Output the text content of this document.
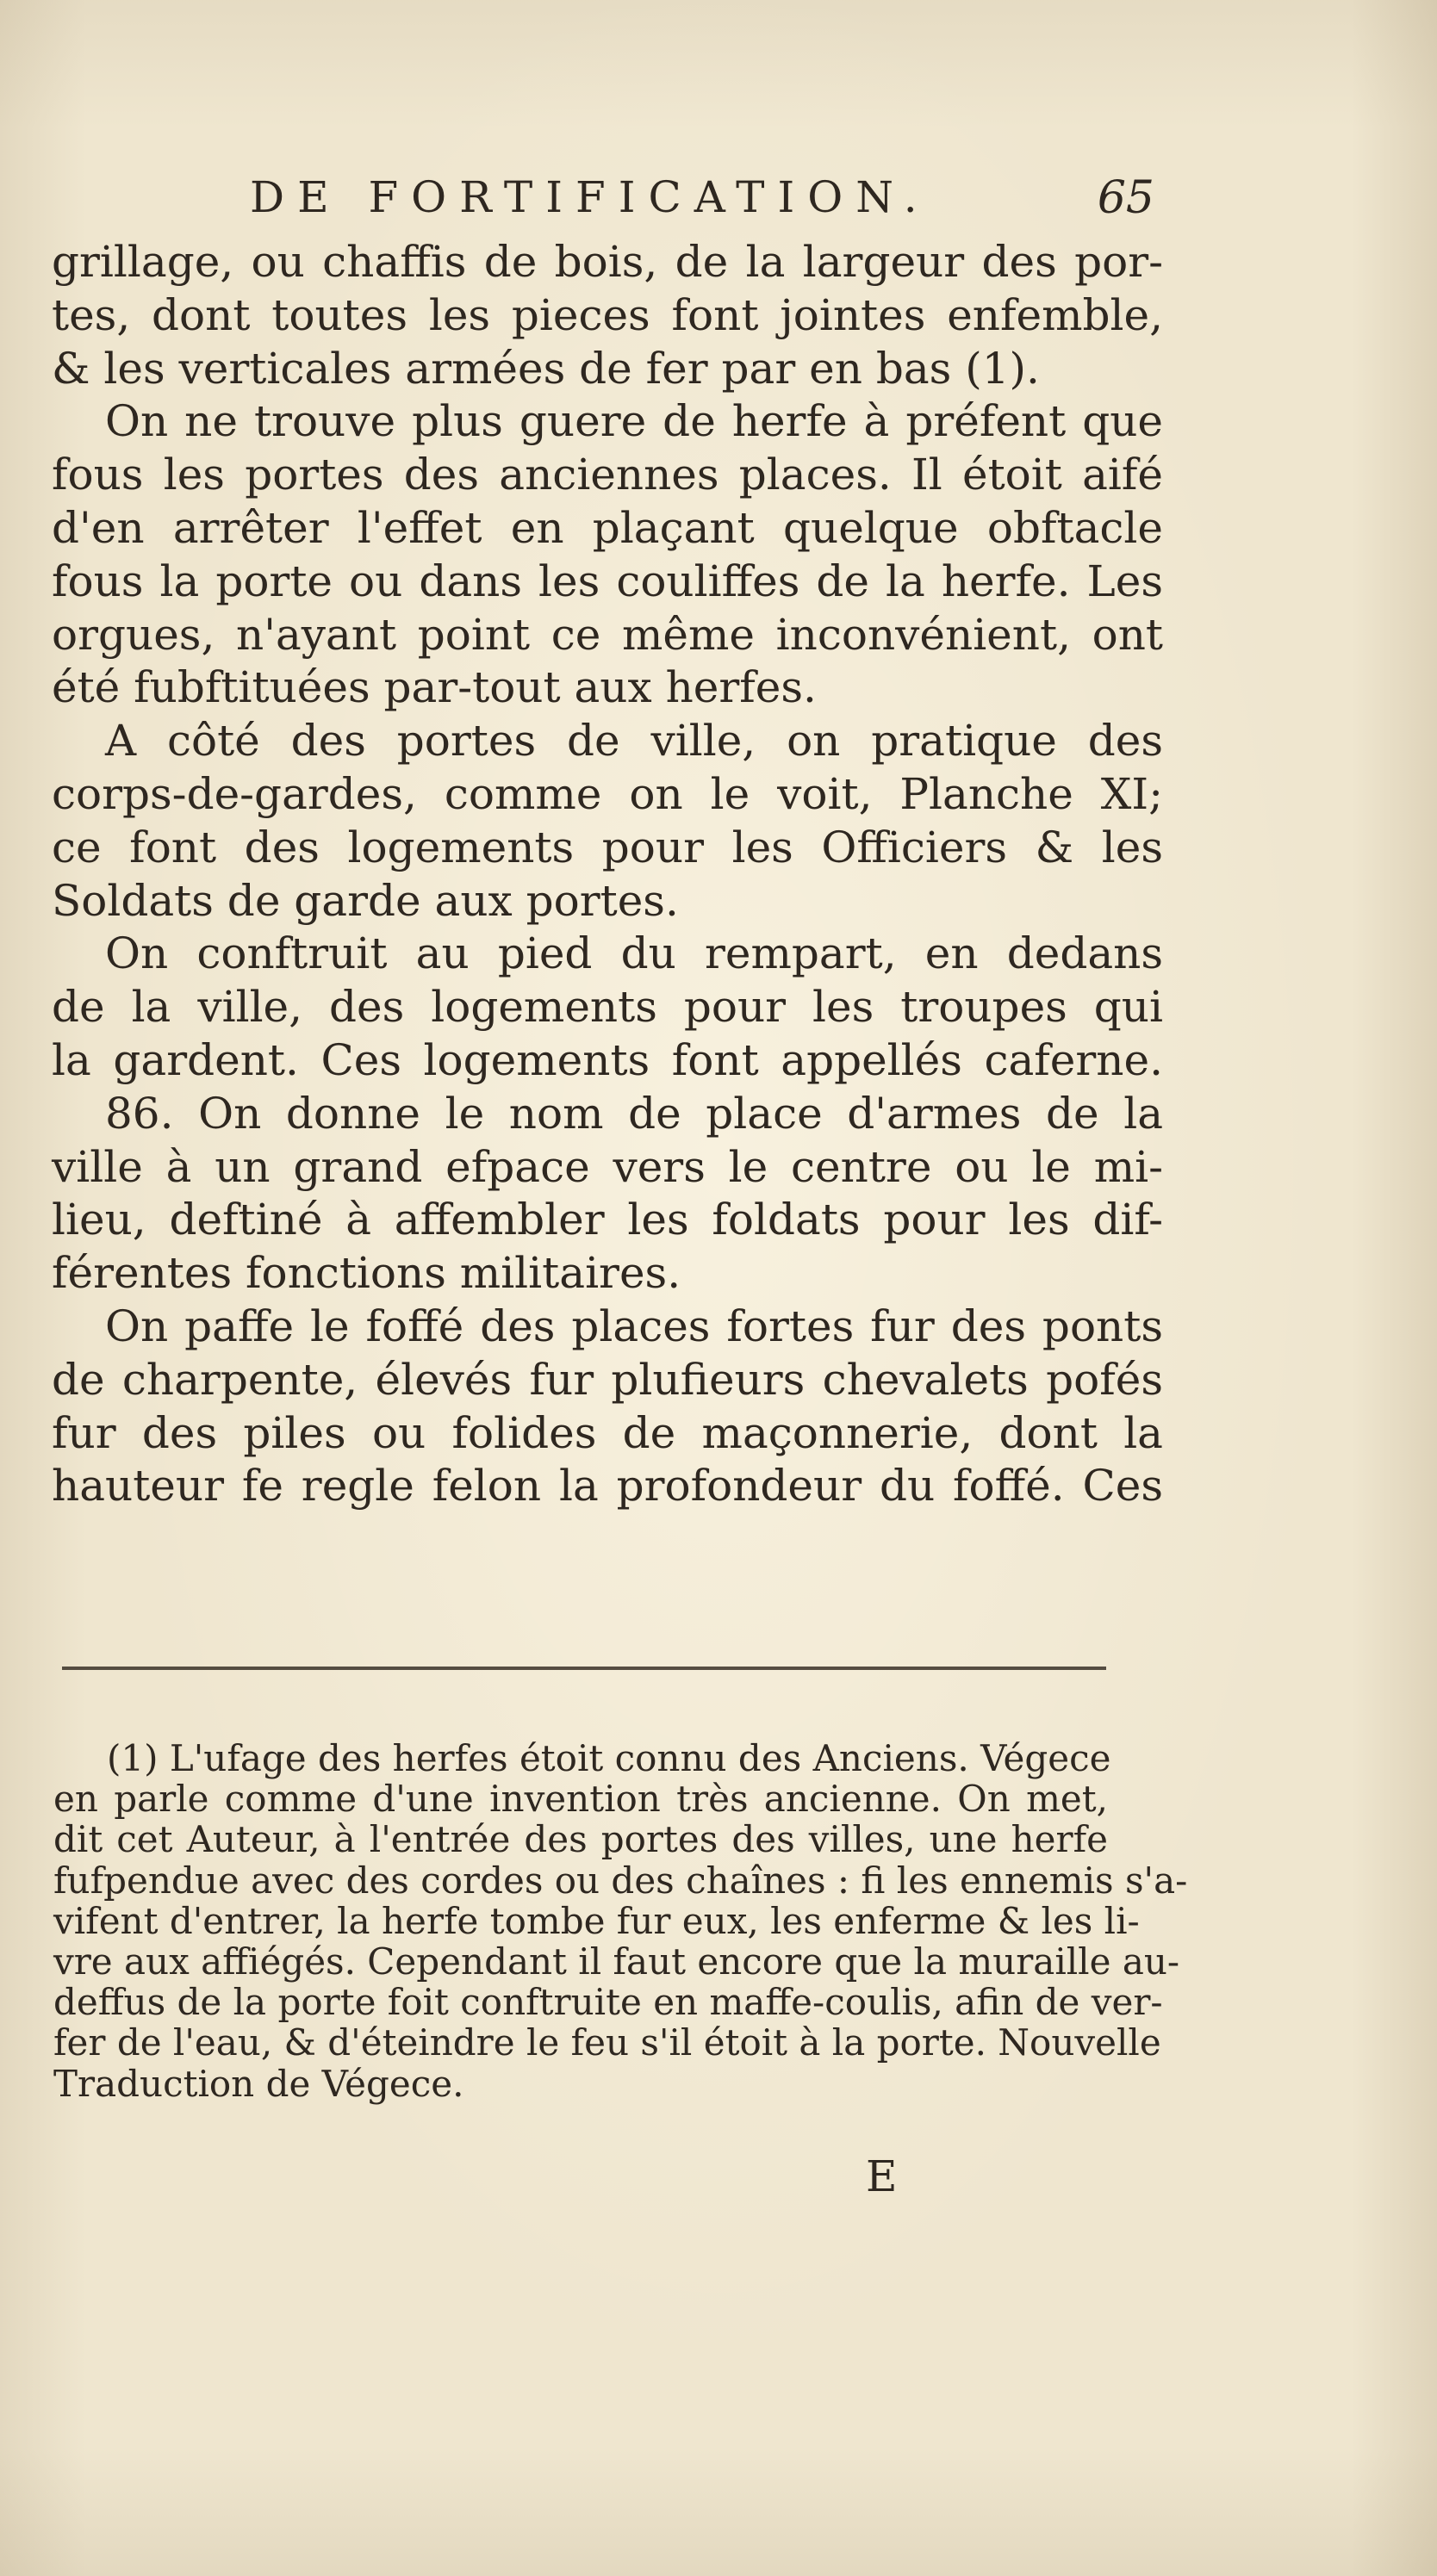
DE FORTIFICATION.	65
grillage, ou chaffis de bois, de la largeur des por-
tes, dont toutes les pieces font jointes enfemble,
& les verticales armées de fer par en bas (1).
On ne trouve plus guere de herfe à préfent que
fous les portes des anciennes places. Il étoit aifé
d'en arrêter l'effet en plaçant quelque obftacle
fous la porte ou dans les couliffes de la herfe. Les
orgues, n'ayant point ce même inconvénient, ont
été fubftituées par-tout aux herfes.
A côté des portes de ville, on pratique des
corps-de-gardes, comme on le voit, Planche XI;
ce font des logements pour les Officiers & les
Soldats de garde aux portes.
On conftruit au pied du rempart, en dedans
de la ville, des logements pour les troupes qui
la gardent. Ces logements font appellés caferne.
86. On donne le nom de place d'armes de la
ville à un grand efpace vers le centre ou le mi-
lieu, deftiné à affembler les foldats pour les dif-
férentes fonctions militaires.
On paffe le foffé des places fortes fur des ponts
de charpente, élevés fur plufieurs chevalets pofés
fur des piles ou folides de maçonnerie, dont la
hauteur fe regle felon la profondeur du foffé. Ces
(1) L'ufage des herfes étoit connu des Anciens. Végece
en parle comme d'une invention très ancienne. On met,
dit cet Auteur, à l'entrée des portes des villes, une herfe
fufpendue avec des cordes ou des chaînes : fi les ennemis s'a-
vifent d'entrer, la herfe tombe fur eux, les enferme & les li-
vre aux affiégés. Cependant il faut encore que la muraille au-
deffus de la porte foit conftruite en maffe-coulis, afin de ver-
fer de l'eau, & d'éteindre le feu s'il étoit à la porte. Nouvelle
Traduction de Végece.
E
